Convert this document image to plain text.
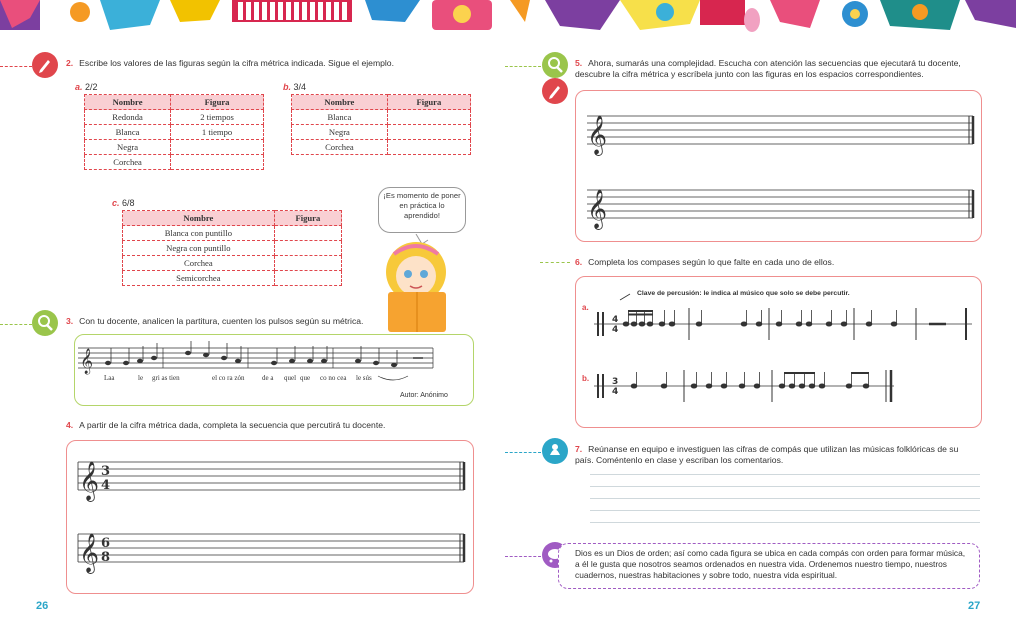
2. Escribe los valores de las figuras según la cifra métrica indicada. Sigue el ejemplo.
a. 2/2
Nombre	Figura
Redonda	2 tiempos
Blanca	1 tiempo
Negra	
Corchea	
b. 3/4
Nombre	Figura
Blanca	
Negra	
Corchea	
c. 6/8
Nombre	Figura
Blanca con puntillo	
Negra con puntillo	
Corchea	
Semicorchea	
¡Es momento de poner en práctica lo aprendido!
3. Con tu docente, analicen la partitura, cuenten los pulsos según su métrica.
𝄞
Laa	le gri as tien	el co ra zón	de a quel que co no cea le sús
Autor: Anónimo
4. A partir de la cifra métrica dada, completa la secuencia que percutirá tu docente.
𝄞
𝄞
3
4
6
8
26
5. Ahora, sumarás una complejidad. Escucha con atención las secuencias que ejecutará tu docente, descubre la cifra métrica y escríbela junto con las figuras en los espacios correspondientes.
𝄞
𝄞
6. Completa los compases según lo que falte en cada uno de ellos.
Clave de percusión: le indica al músico que solo se debe percutir.
a.
b.
4
4
3
4
7. Reúnanse en equipo e investiguen las cifras de compás que utilizan las músicas folklóricas de su país. Coméntenlo en clase y escriban los comentarios.
Dios es un Dios de orden; así como cada figura se ubica en cada compás con orden para formar música, a él le gusta que nosotros seamos ordenados en nuestra vida. Ordenemos nuestro tiempo, nuestros cuadernos, nuestras habitaciones y sobre todo, nuestra vida espiritual.
27
